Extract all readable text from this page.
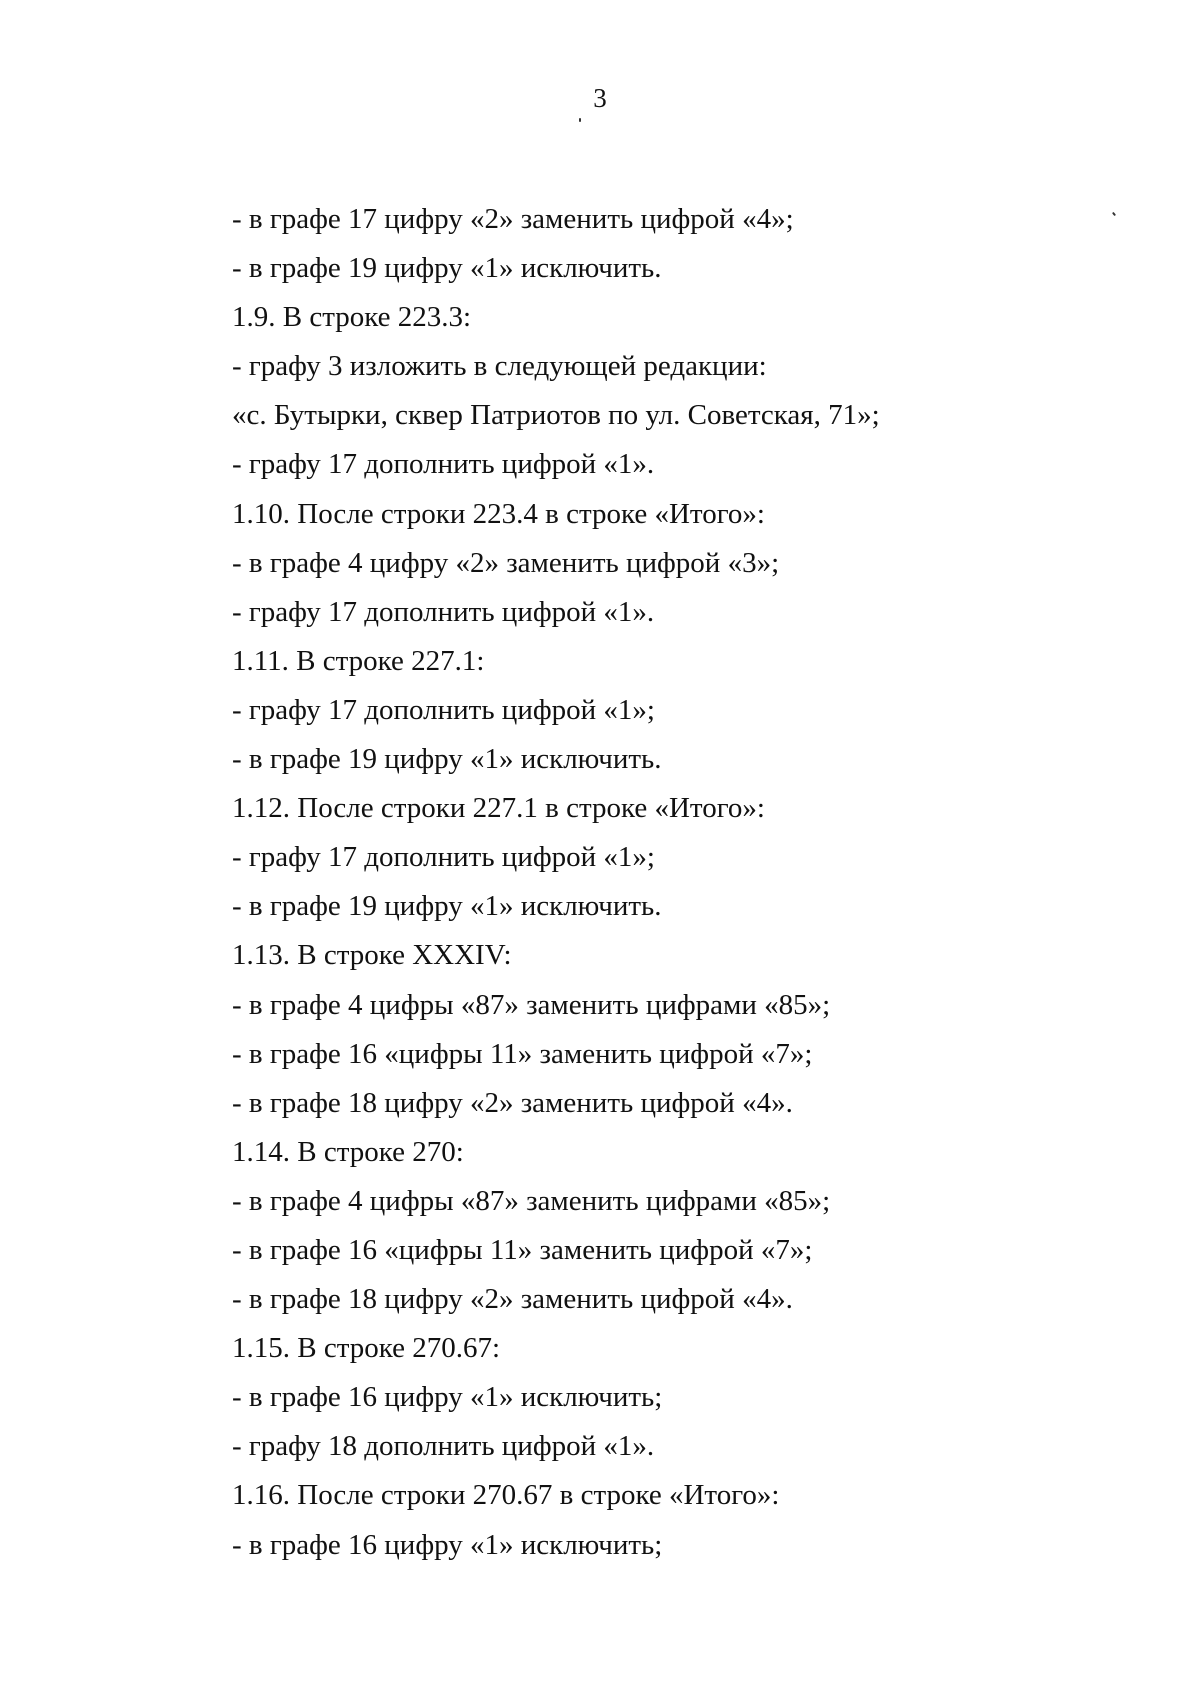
3
- в графе 17 цифру «2» заменить цифрой «4»;
- в графе 19 цифру «1» исключить.
1.9. В строке 223.3:
- графу 3 изложить в следующей редакции:
«с. Бутырки, сквер Патриотов по ул. Советская, 71»;
- графу 17 дополнить цифрой «1».
1.10. После строки 223.4 в строке «Итого»:
- в графе 4 цифру «2» заменить цифрой «3»;
- графу 17 дополнить цифрой «1».
1.11. В строке 227.1:
- графу 17 дополнить цифрой «1»;
- в графе 19 цифру «1» исключить.
1.12. После строки 227.1 в строке «Итого»:
- графу 17 дополнить цифрой «1»;
- в графе 19 цифру «1» исключить.
1.13. В строке XXXIV:
- в графе 4 цифры «87» заменить цифрами «85»;
- в графе 16 «цифры 11» заменить цифрой «7»;
- в графе 18 цифру «2» заменить цифрой «4».
1.14. В строке 270:
- в графе 4 цифры «87» заменить цифрами «85»;
- в графе 16 «цифры 11» заменить цифрой «7»;
- в графе 18 цифру «2» заменить цифрой «4».
1.15. В строке 270.67:
- в графе 16 цифру «1» исключить;
- графу 18 дополнить цифрой «1».
1.16. После строки 270.67 в строке «Итого»:
- в графе 16 цифру «1» исключить;
